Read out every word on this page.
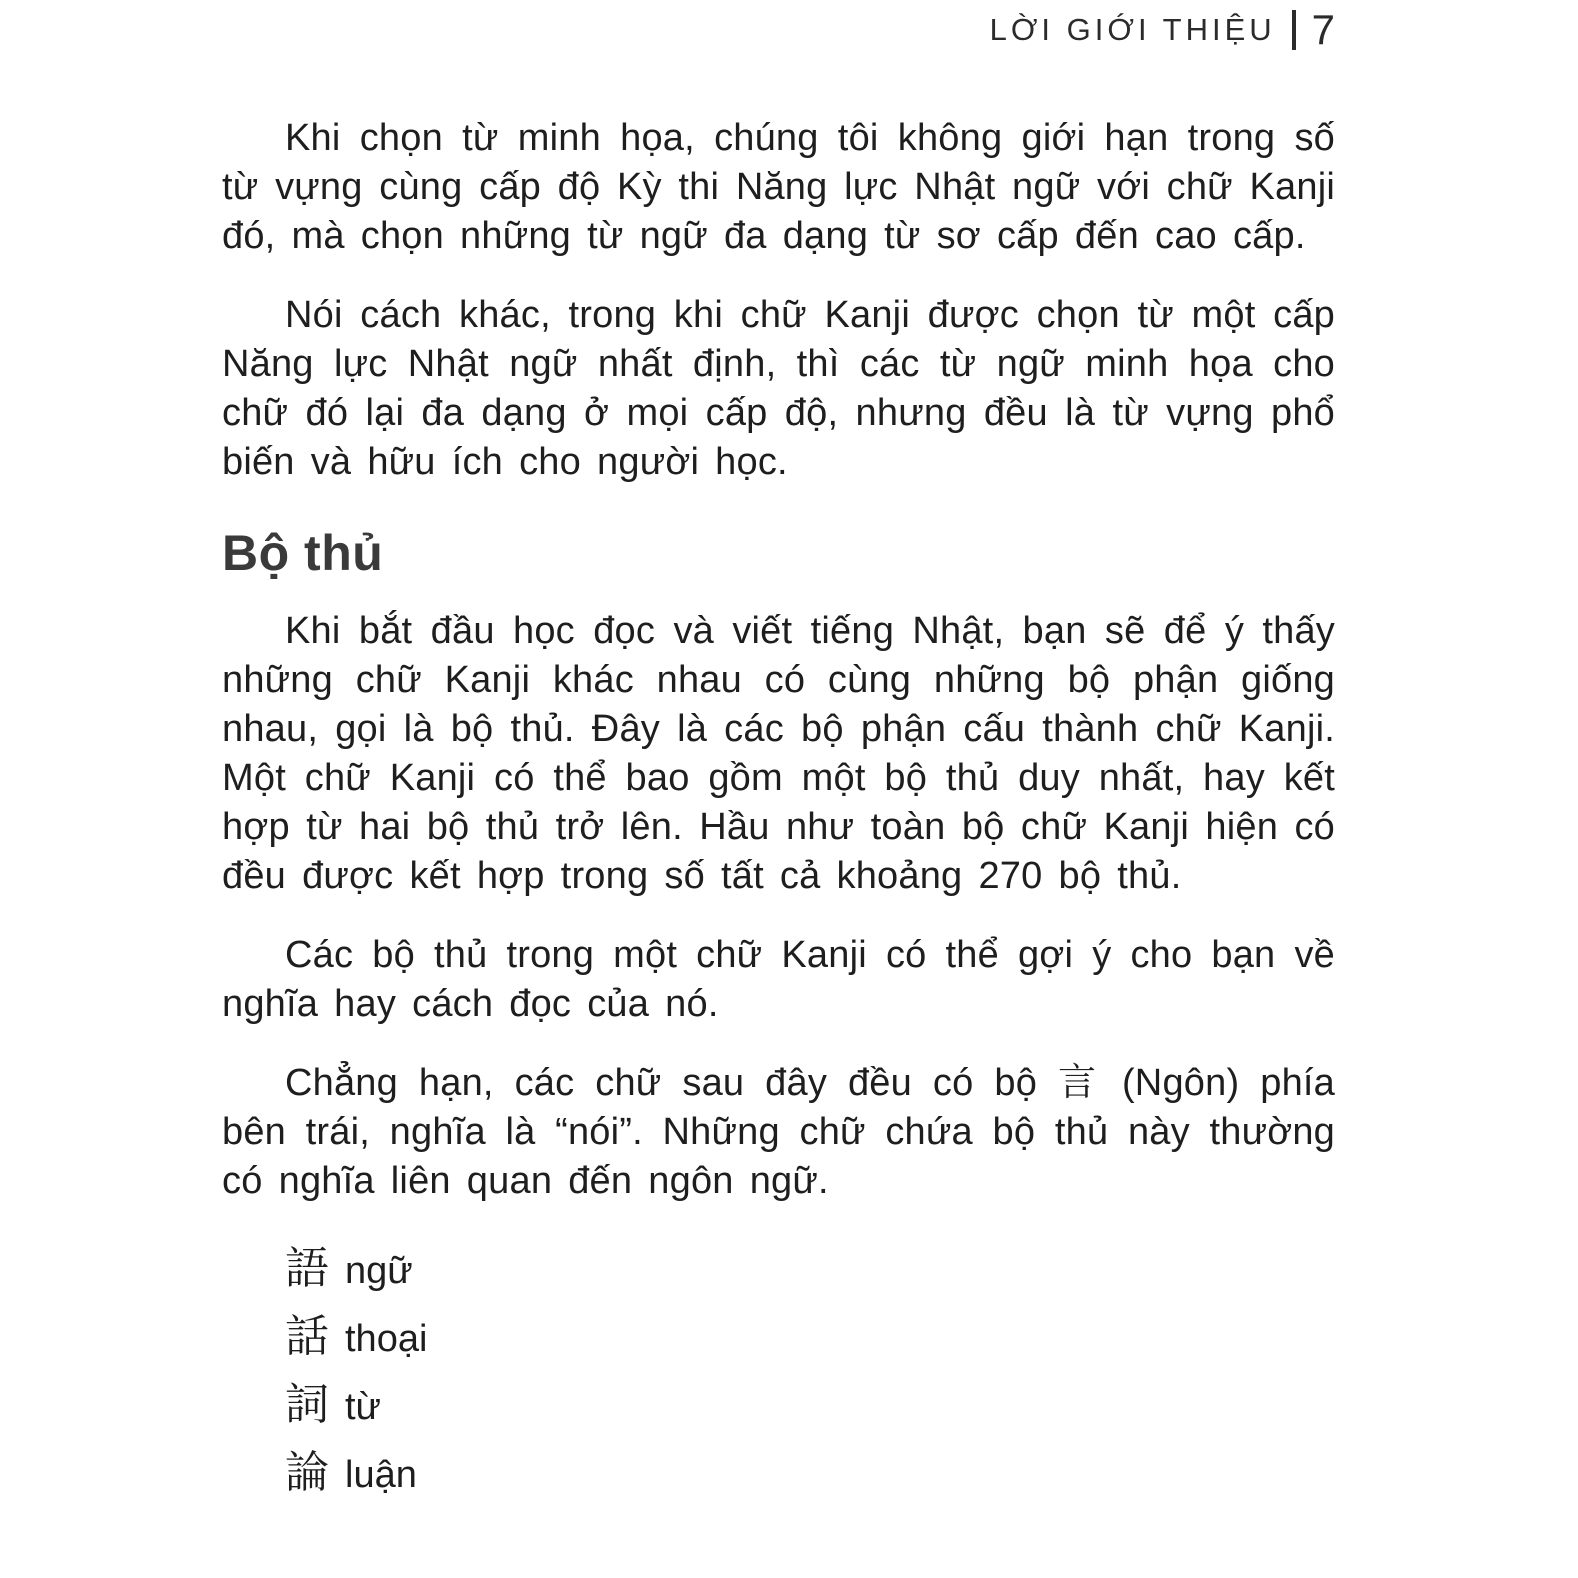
LỜI GIỚI THIỆU 7

Khi chọn từ minh họa, chúng tôi không giới hạn trong số từ vựng cùng cấp độ Kỳ thi Năng lực Nhật ngữ với chữ Kanji đó, mà chọn những từ ngữ đa dạng từ sơ cấp đến cao cấp.

Nói cách khác, trong khi chữ Kanji được chọn từ một cấp Năng lực Nhật ngữ nhất định, thì các từ ngữ minh họa cho chữ đó lại đa dạng ở mọi cấp độ, nhưng đều là từ vựng phổ biến và hữu ích cho người học.

Bộ thủ

Khi bắt đầu học đọc và viết tiếng Nhật, bạn sẽ để ý thấy những chữ Kanji khác nhau có cùng những bộ phận giống nhau, gọi là bộ thủ. Đây là các bộ phận cấu thành chữ Kanji. Một chữ Kanji có thể bao gồm một bộ thủ duy nhất, hay kết hợp từ hai bộ thủ trở lên. Hầu như toàn bộ chữ Kanji hiện có đều được kết hợp trong số tất cả khoảng 270 bộ thủ.

Các bộ thủ trong một chữ Kanji có thể gợi ý cho bạn về nghĩa hay cách đọc của nó.

Chẳng hạn, các chữ sau đây đều có bộ 言 (Ngôn) phía bên trái, nghĩa là “nói”. Những chữ chứa bộ thủ này thường có nghĩa liên quan đến ngôn ngữ.

語 ngữ
話 thoại
詞 từ
論 luận
